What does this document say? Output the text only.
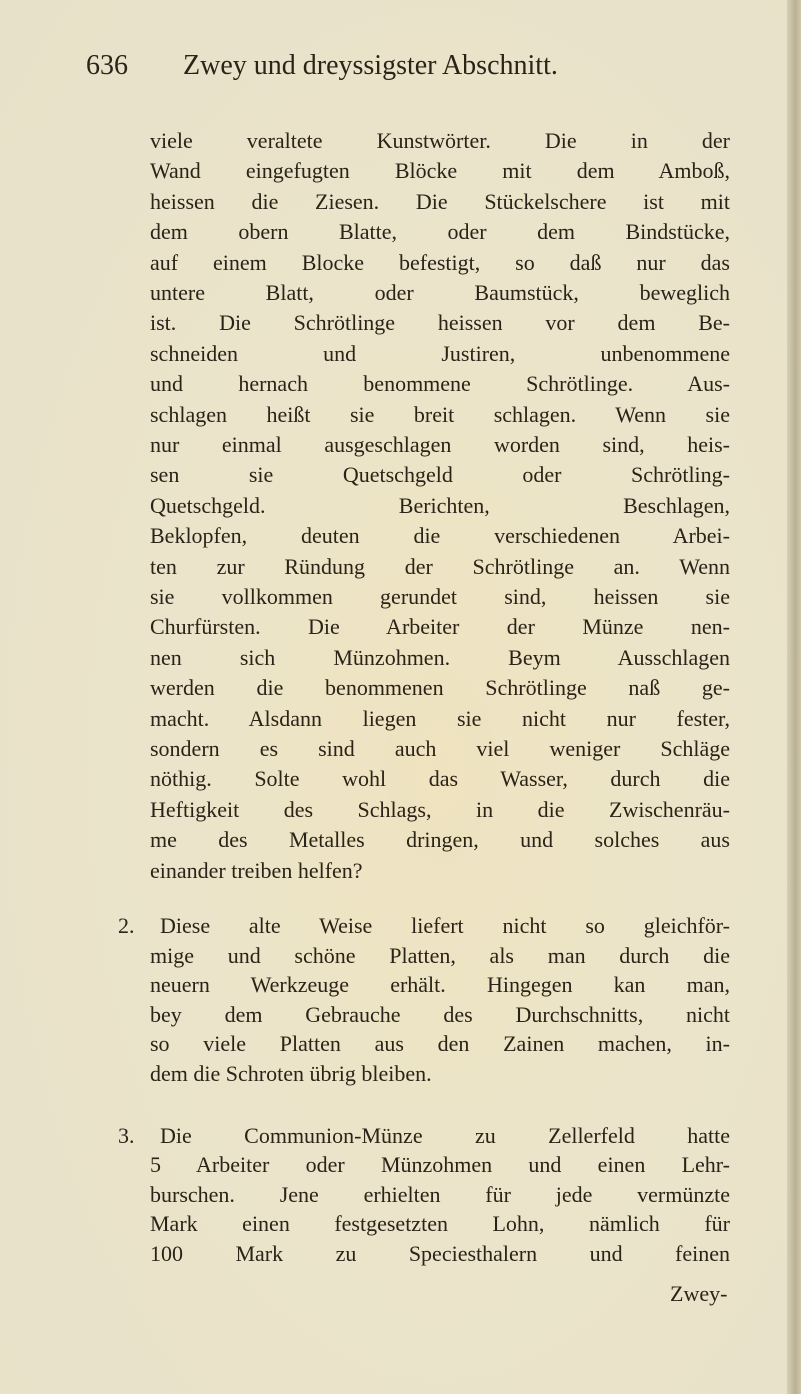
636 Zwey und dreyssigster Abschnitt.
viele veraltete Kunstwörter. Die in der
Wand eingefugten Blöcke mit dem Amboß,
heissen die Ziesen. Die Stückelschere ist mit
dem obern Blatte, oder dem Bindstücke,
auf einem Blocke befestigt, so daß nur das
untere Blatt, oder Baumstück, beweglich
ist. Die Schrötlinge heissen vor dem Be-
schneiden und Justiren, unbenommene
und hernach benommene Schrötlinge. Aus-
schlagen heißt sie breit schlagen. Wenn sie
nur einmal ausgeschlagen worden sind, heis-
sen sie Quetschgeld oder Schrötling-
Quetschgeld. Berichten, Beschlagen,
Beklopfen, deuten die verschiedenen Arbei-
ten zur Ründung der Schrötlinge an. Wenn
sie vollkommen gerundet sind, heissen sie
Churfürsten. Die Arbeiter der Münze nen-
nen sich Münzohmen. Beym Ausschlagen
werden die benommenen Schrötlinge naß ge-
macht. Alsdann liegen sie nicht nur fester,
sondern es sind auch viel weniger Schläge
nöthig. Solte wohl das Wasser, durch die
Heftigkeit des Schlags, in die Zwischenräu-
me des Metalles dringen, und solches aus
einander treiben helfen?
Diese alte Weise liefert nicht so gleichför-
mige und schöne Platten, als man durch die
neuern Werkzeuge erhält. Hingegen kan man,
bey dem Gebrauche des Durchschnitts, nicht
so viele Platten aus den Zainen machen, in-
dem die Schroten übrig bleiben.
Die Communion-Münze zu Zellerfeld hatte
5 Arbeiter oder Münzohmen und einen Lehr-
burschen. Jene erhielten für jede vermünzte
Mark einen festgesetzten Lohn, nämlich für
100 Mark zu Speciesthalern und feinen
2.
3.
Zwey-
